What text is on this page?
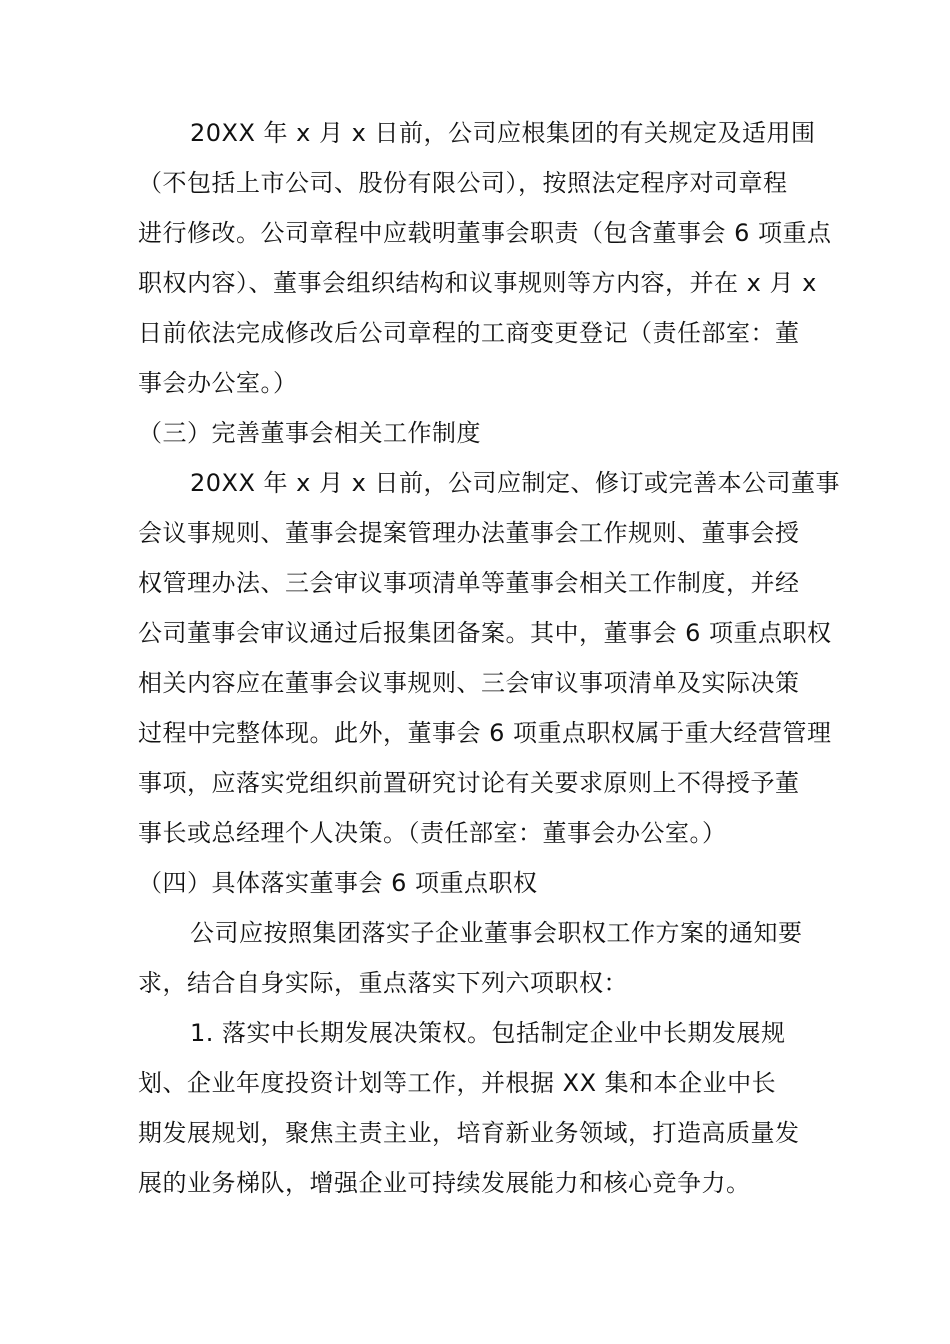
20XX 年 x 月 x 日前，公司应根集团的有关规定及适用围
（不包括上市公司、股份有限公司），按照法定程序对司章程
进行修改。公司章程中应载明董事会职责（包含董事会 6 项重点
职权内容）、董事会组织结构和议事规则等方内容，并在 x 月 x
日前依法完成修改后公司章程的工商变更登记（责任部室：董
事会办公室。）
（三）完善董事会相关工作制度
20XX 年 x 月 x 日前，公司应制定、修订或完善本公司董事
会议事规则、董事会提案管理办法董事会工作规则、董事会授
权管理办法、三会审议事项清单等董事会相关工作制度，并经
公司董事会审议通过后报集团备案。其中，董事会 6 项重点职权
相关内容应在董事会议事规则、三会审议事项清单及实际决策
过程中完整体现。此外，董事会 6 项重点职权属于重大经营管理
事项，应落实党组织前置研究讨论有关要求原则上不得授予董
事长或总经理个人决策。（责任部室：董事会办公室。）
（四）具体落实董事会 6 项重点职权
公司应按照集团落实子企业董事会职权工作方案的通知要
求，结合自身实际，重点落实下列六项职权：
1. 落实中长期发展决策权。包括制定企业中长期发展规
划、企业年度投资计划等工作，并根据 XX 集和本企业中长
期发展规划，聚焦主责主业，培育新业务领域，打造高质量发
展的业务梯队，增强企业可持续发展能力和核心竞争力。
